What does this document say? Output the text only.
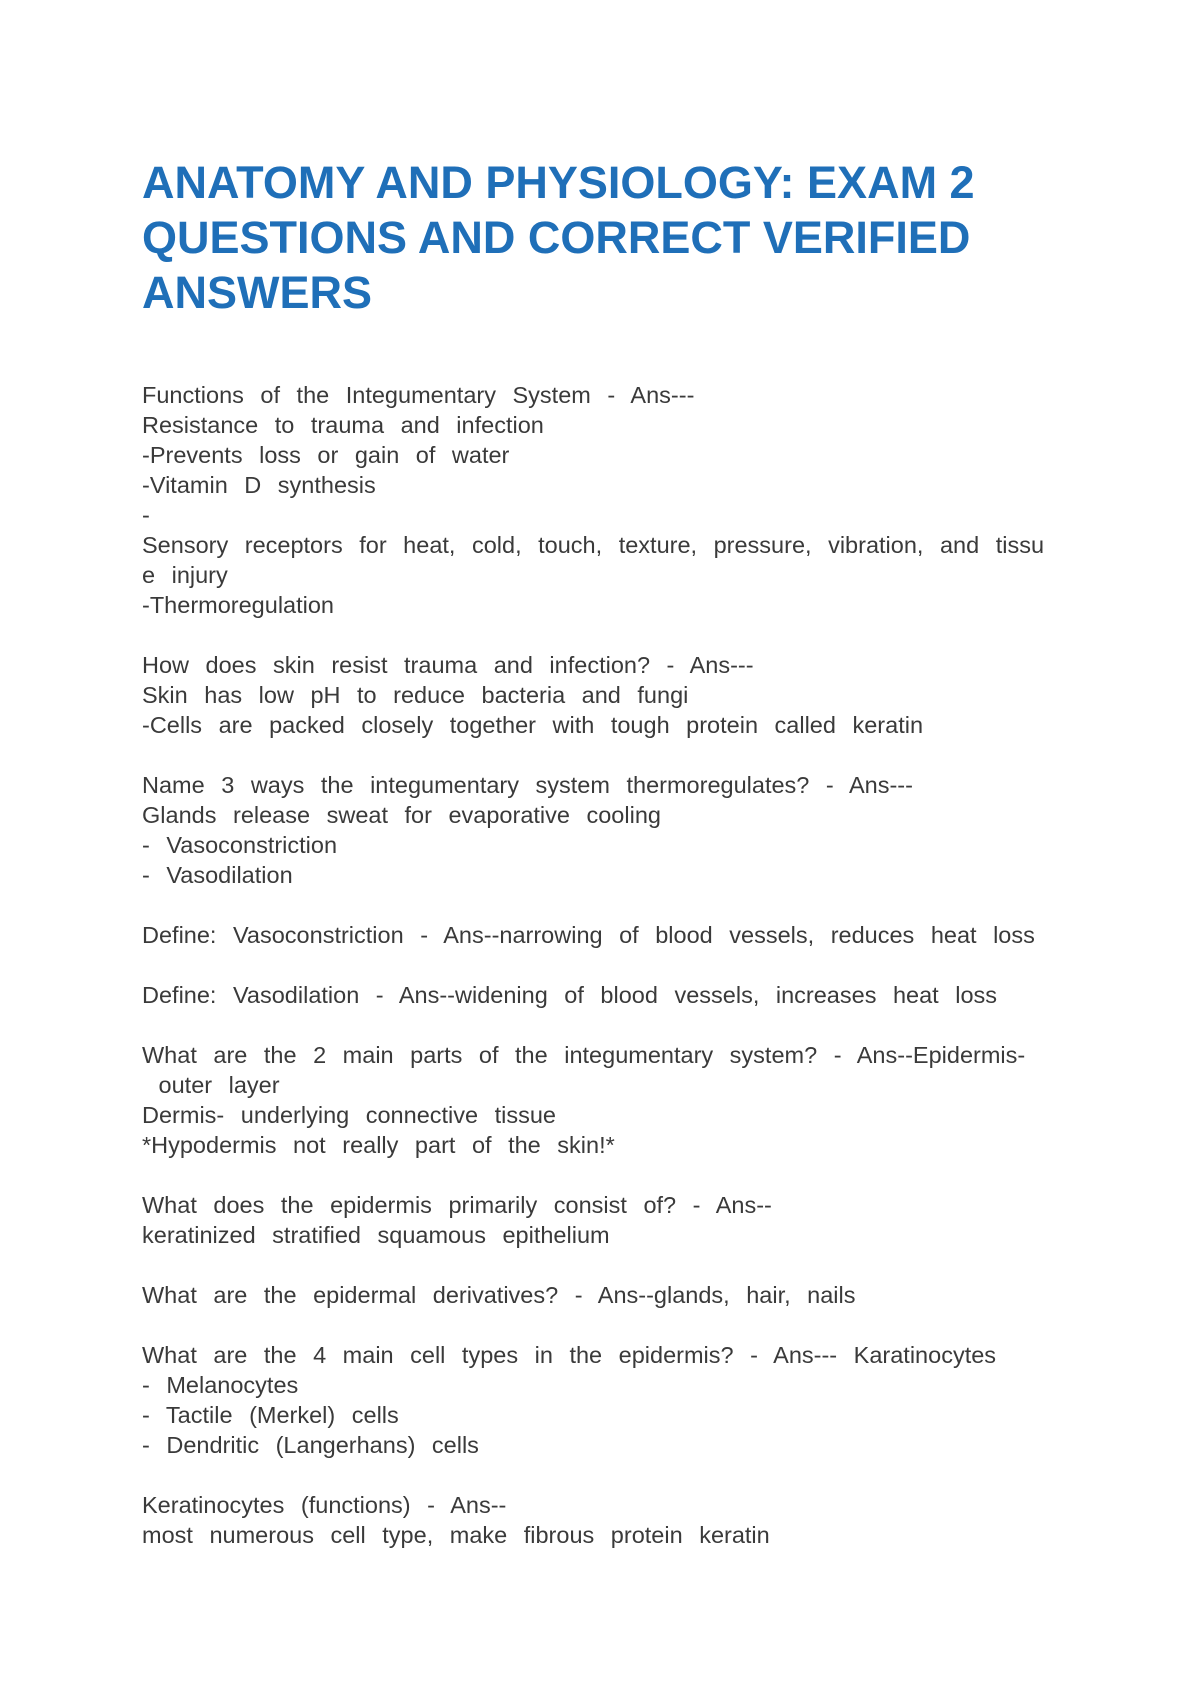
ANATOMY AND PHYSIOLOGY: EXAM 2
QUESTIONS AND CORRECT VERIFIED
ANSWERS
Functions of the Integumentary System - Ans---
Resistance to trauma and infection
-Prevents loss or gain of water
-Vitamin D synthesis
-
Sensory receptors for heat, cold, touch, texture, pressure, vibration, and tissu
e injury
-Thermoregulation
How does skin resist trauma and infection? - Ans---
Skin has low pH to reduce bacteria and fungi
-Cells are packed closely together with tough protein called keratin
Name 3 ways the integumentary system thermoregulates? - Ans---
Glands release sweat for evaporative cooling
- Vasoconstriction
- Vasodilation
Define: Vasoconstriction - Ans--narrowing of blood vessels, reduces heat loss
Define: Vasodilation - Ans--widening of blood vessels, increases heat loss
What are the 2 main parts of the integumentary system? - Ans--Epidermis-
outer layer
Dermis- underlying connective tissue
*Hypodermis not really part of the skin!*
What does the epidermis primarily consist of? - Ans--
keratinized stratified squamous epithelium
What are the epidermal derivatives? - Ans--glands, hair, nails
What are the 4 main cell types in the epidermis? - Ans--- Karatinocytes
- Melanocytes
- Tactile (Merkel) cells
- Dendritic (Langerhans) cells
Keratinocytes (functions) - Ans--
most numerous cell type, make fibrous protein keratin
